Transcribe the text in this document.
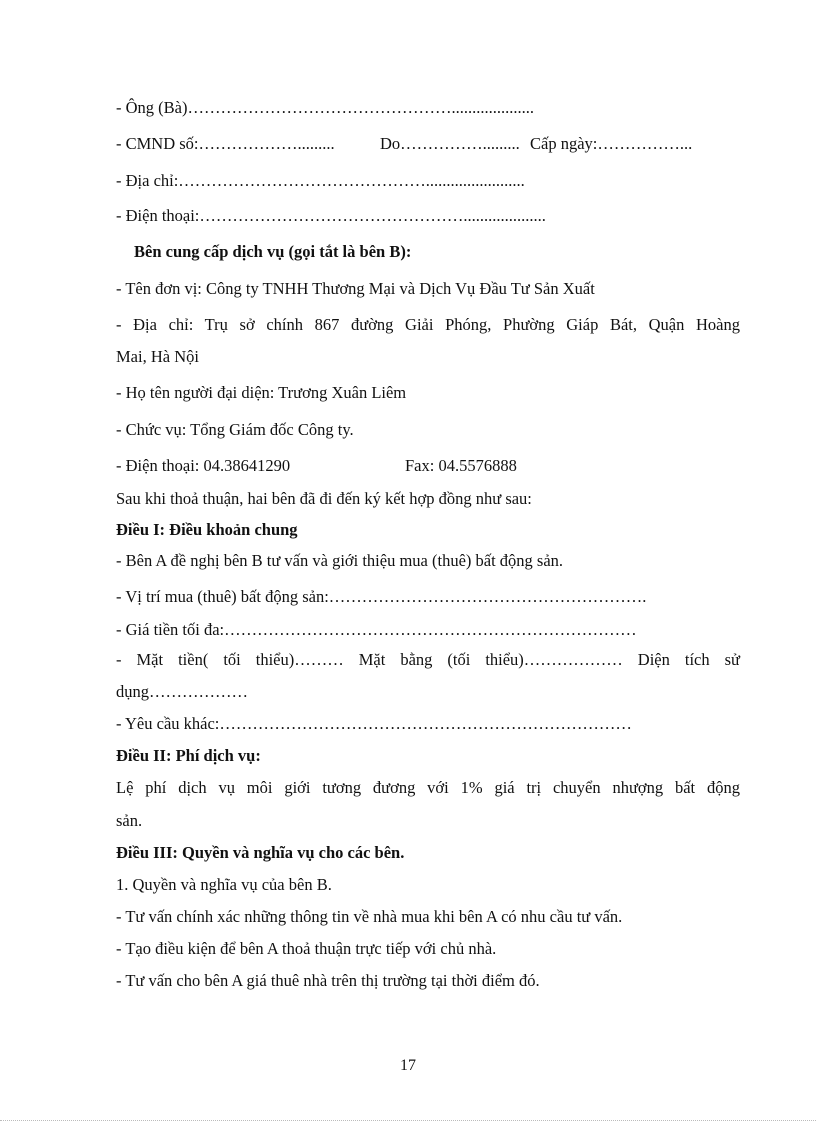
- Ông (Bà)…………………………………………....................
- CMND số:……………….........	Do……………......... Cấp ngày:……………...
- Địa chỉ:………………………………………........................
- Điện thoại:…………………………………………....................
Bên cung cấp dịch vụ (gọi tắt là bên B):
- Tên đơn vị: Công ty TNHH Thương Mại và Dịch Vụ Đầu Tư Sản Xuất
- Địa chỉ: Trụ sở chính 867 đường Giải Phóng, Phường Giáp Bát, Quận Hoàng
Mai, Hà Nội
- Họ tên người đại diện: Trương Xuân Liêm
- Chức vụ: Tổng Giám đốc Công ty.
- Điện thoại: 04.38641290	Fax: 04.5576888
Sau khi thoả thuận, hai bên đã đi đến ký kết hợp đồng như sau:
Điều I: Điều khoản chung
- Bên A đề nghị bên B tư vấn và giới thiệu mua (thuê) bất động sản.
- Vị trí mua (thuê) bất động sản:………………………………………………….
- Giá tiền tối đa:…………………………………………………………………
- Mặt tiền( tối thiểu)……… Mặt bằng (tối thiểu)……………… Diện tích sử
dụng………………
- Yêu cầu khác:…………………………………………………………………
Điều II: Phí dịch vụ:
Lệ phí dịch vụ môi giới tương đương với 1% giá trị chuyển nhượng bất động
sản.
Điều III: Quyền và nghĩa vụ cho các bên.
1. Quyền và nghĩa vụ của bên B.
- Tư vấn chính xác những thông tin về nhà mua khi bên A có nhu cầu tư vấn.
- Tạo điều kiện để bên A thoả thuận trực tiếp với chủ nhà.
- Tư vấn cho bên A giá thuê nhà trên thị trường tại thời điểm đó.
17
